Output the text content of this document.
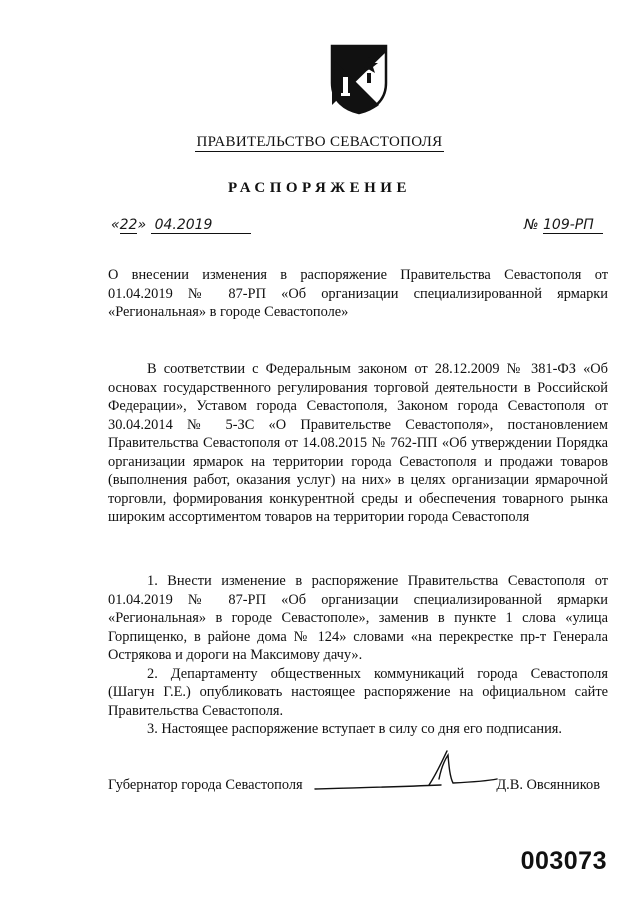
ПРАВИТЕЛЬСТВО СЕВАСТОПОЛЯ
РАСПОРЯЖЕНИЕ
«22» 04.2019	№ 109-РП
О внесении изменения в распоряжение Правительства Севастополя от 01.04.2019 № 87-РП «Об организации специализированной ярмарки «Региональная» в городе Севастополе»
В соответствии с Федеральным законом от 28.12.2009 № 381-ФЗ «Об основах государственного регулирования торговой деятельности в Российской Федерации», Уставом города Севастополя, Законом города Севастополя от 30.04.2014 № 5-ЗС «О Правительстве Севастополя», постановлением Правительства Севастополя от 14.08.2015 № 762-ПП «Об утверждении Порядка организации ярмарок на территории города Севастополя и продажи товаров (выполнения работ, оказания услуг) на них» в целях организации ярмарочной торговли, формирования конкурентной среды и обеспечения товарного рынка широким ассортиментом товаров на территории города Севастополя

1. Внести изменение в распоряжение Правительства Севастополя от 01.04.2019 № 87-РП «Об организации специализированной ярмарки «Региональная» в городе Севастополе», заменив в пункте 1 слова «улица Горпищенко, в районе дома № 124» словами «на перекрестке пр-т Генерала Острякова и дороги на Максимову дачу».

2. Департаменту общественных коммуникаций города Севастополя (Шагун Г.Е.) опубликовать настоящее распоряжение на официальном сайте Правительства Севастополя.

3. Настоящее распоряжение вступает в силу со дня его подписания.

Губернатор города Севастополя	Д.В. Овсянников
003073
